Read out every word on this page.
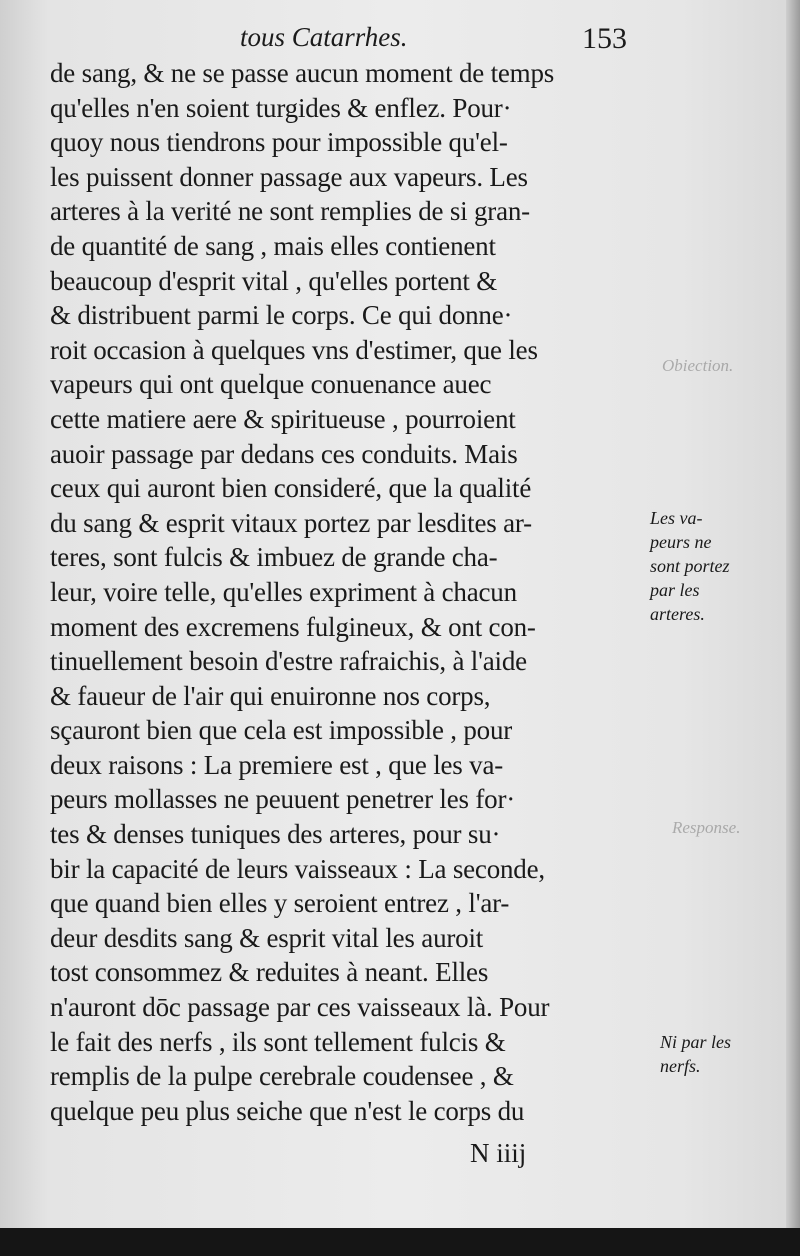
tous Catarrhes.	153
Obiection.
Response.
de sang, & ne se passe aucun moment de temps
qu'elles n'en soient turgides & enflez. Pour·
quoy nous tiendrons pour impossible qu'el-
les puissent donner passage aux vapeurs. Les
arteres à la verité ne sont remplies de si gran-
de quantité de sang , mais elles contienent
beaucoup d'esprit vital , qu'elles portent &
& distribuent parmi le corps. Ce qui donne·
roit occasion à quelques vns d'estimer, que les
vapeurs qui ont quelque conuenance auec
cette matiere aere & spiritueuse , pourroient
auoir passage par dedans ces conduits. Mais
ceux qui auront bien consideré, que la qualité
du sang & esprit vitaux portez par lesdites ar-
teres, sont fulcis & imbuez de grande cha-
leur, voire telle, qu'elles expriment à chacun
moment des excremens fulgineux, & ont con-
tinuellement besoin d'estre rafraichis, à l'aide
& faueur de l'air qui enuironne nos corps,
sçauront bien que cela est impossible , pour
deux raisons : La premiere est , que les va-
peurs mollasses ne peuuent penetrer les for·
tes & denses tuniques des arteres, pour su·
bir la capacité de leurs vaisseaux : La seconde,
que quand bien elles y seroient entrez , l'ar-
deur desdits sang & esprit vital les auroit
tost consommez & reduites à neant. Elles
n'auront dōc passage par ces vaisseaux là. Pour
le fait des nerfs , ils sont tellement fulcis &
remplis de la pulpe cerebrale coudensee , &
quelque peu plus seiche que n'est le corps du
Les va-
peurs ne
sont portez
par les
arteres.
Ni par les
nerfs.
N iiij
